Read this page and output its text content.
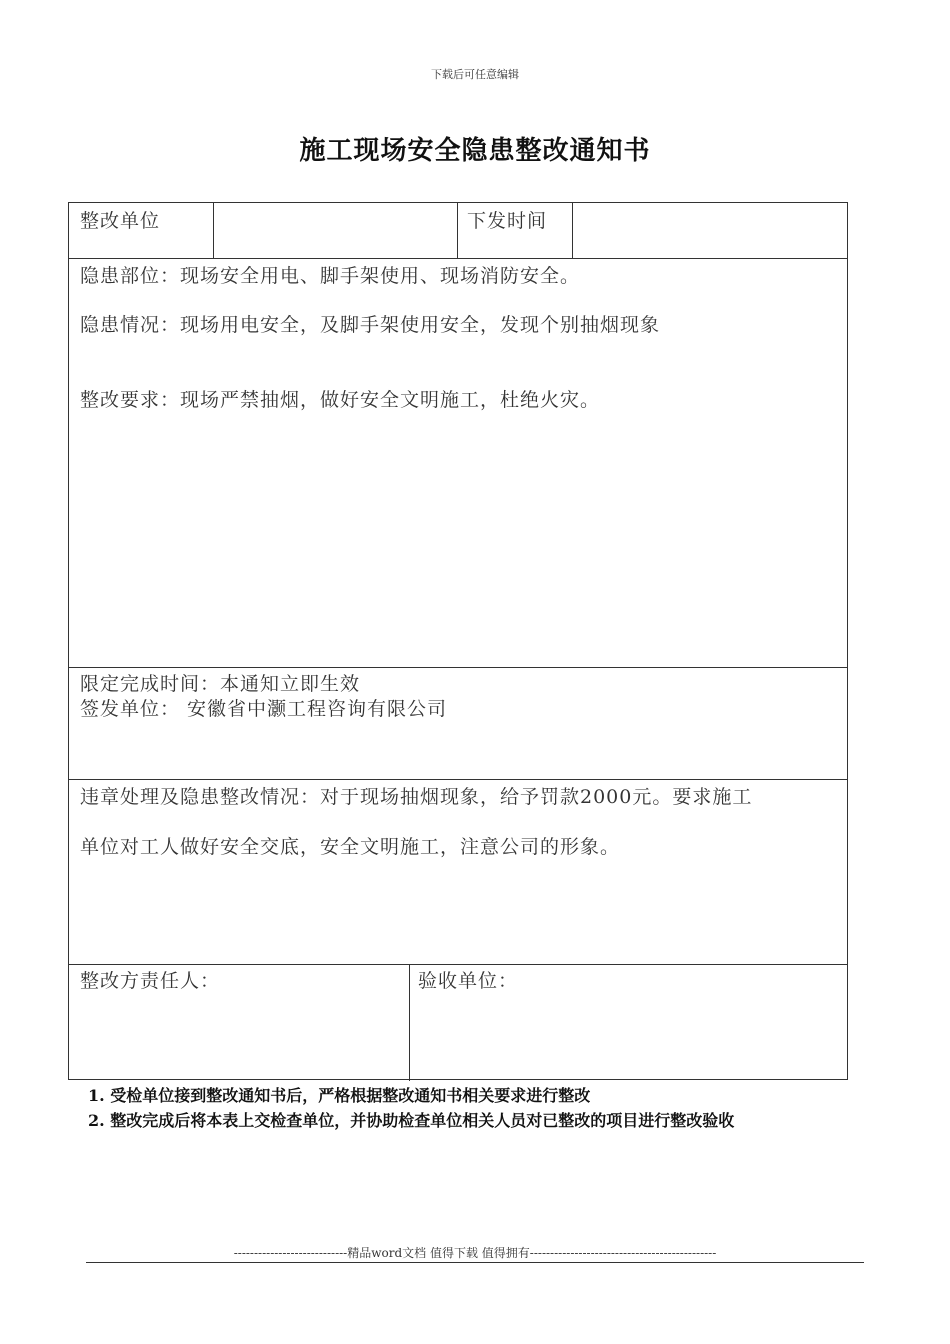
下载后可任意编辑
施工现场安全隐患整改通知书
整改单位	下发时间
隐患部位：现场安全用电、脚手架使用、现场消防安全。
隐患情况：现场用电安全，及脚手架使用安全，发现个别抽烟现象
整改要求：现场严禁抽烟，做好安全文明施工，杜绝火灾。
限定完成时间：本通知立即生效
签发单位： 安徽省中灏工程咨询有限公司
违章处理及隐患整改情况：对于现场抽烟现象，给予罚款2000元。要求施工
单位对工人做好安全交底，安全文明施工，注意公司的形象。
整改方责任人：	验收单位：
1. 受检单位接到整改通知书后，严格根据整改通知书相关要求进行整改
2. 整改完成后将本表上交检查单位，并协助检查单位相关人员对已整改的项目进行整改验收
----------------------------精品word文档 值得下载 值得拥有----------------------------------------------
